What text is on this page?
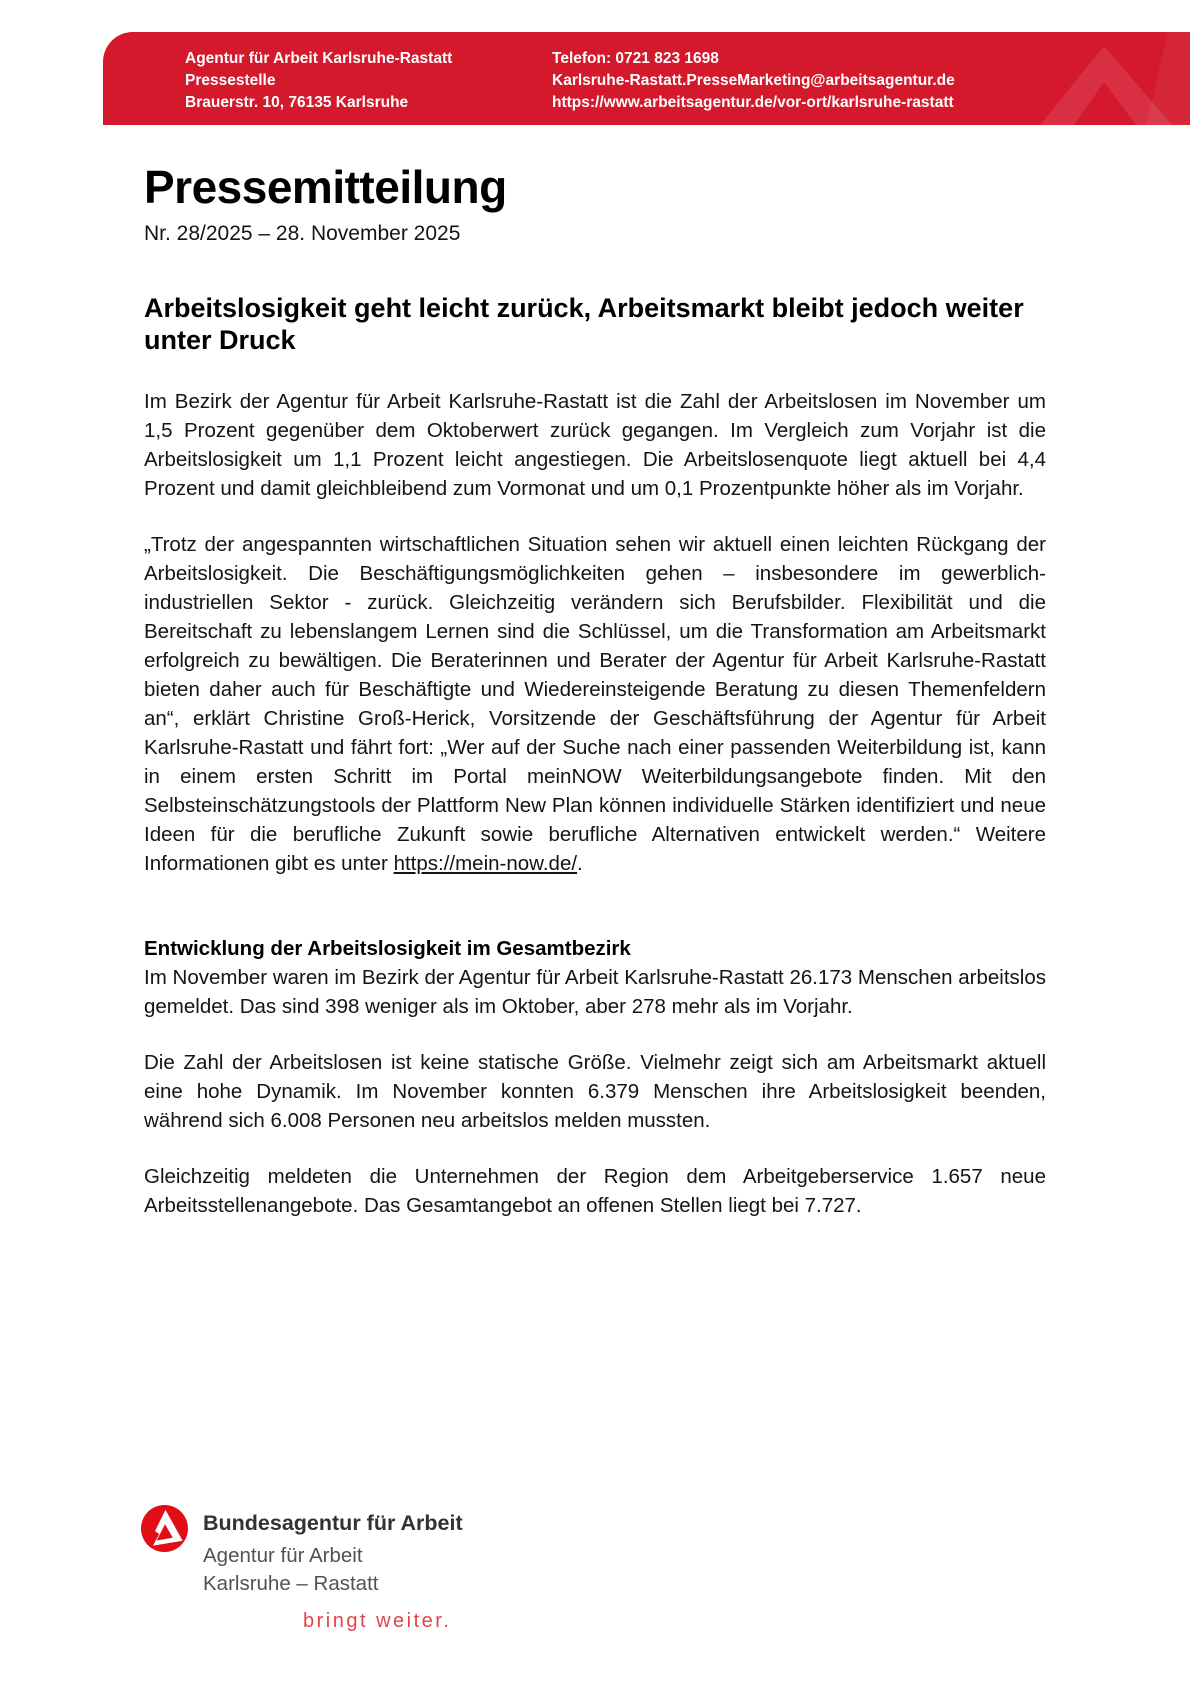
Agentur für Arbeit Karlsruhe-Rastatt
Pressestelle
Brauerstr. 10, 76135 Karlsruhe
Telefon: 0721 823 1698
Karlsruhe-Rastatt.PresseMarketing@arbeitsagentur.de
https://www.arbeitsagentur.de/vor-ort/karlsruhe-rastatt
Pressemitteilung
Nr. 28/2025 – 28. November 2025
Arbeitslosigkeit geht leicht zurück, Arbeitsmarkt bleibt jedoch weiter unter Druck

Im Bezirk der Agentur für Arbeit Karlsruhe-Rastatt ist die Zahl der Arbeitslosen im November um 1,5 Prozent gegenüber dem Oktoberwert zurück gegangen. Im Vergleich zum Vorjahr ist die Arbeitslosigkeit um 1,1 Prozent leicht angestiegen. Die Arbeitslosenquote liegt aktuell bei 4,4 Prozent und damit gleichbleibend zum Vormonat und um 0,1 Prozentpunkte höher als im Vorjahr.

„Trotz der angespannten wirtschaftlichen Situation sehen wir aktuell einen leichten Rückgang der Arbeitslosigkeit. Die Beschäftigungsmöglichkeiten gehen – insbesondere im gewerblich-industriellen Sektor - zurück. Gleichzeitig verändern sich Berufsbilder. Flexibilität und die Bereitschaft zu lebenslangem Lernen sind die Schlüssel, um die Transformation am Arbeitsmarkt erfolgreich zu bewältigen. Die Beraterinnen und Berater der Agentur für Arbeit Karlsruhe-Rastatt bieten daher auch für Beschäftigte und Wiedereinsteigende Beratung zu diesen Themenfeldern an“, erklärt Christine Groß-Herick, Vorsitzende der Geschäftsführung der Agentur für Arbeit Karlsruhe-Rastatt und fährt fort: „Wer auf der Suche nach einer passenden Weiterbildung ist, kann in einem ersten Schritt im Portal meinNOW Weiterbildungsangebote finden. Mit den Selbsteinschätzungstools der Plattform New Plan können individuelle Stärken identifiziert und neue Ideen für die berufliche Zukunft sowie berufliche Alternativen entwickelt werden.“ Weitere Informationen gibt es unter https://mein-now.de/.

Entwicklung der Arbeitslosigkeit im Gesamtbezirk

Im November waren im Bezirk der Agentur für Arbeit Karlsruhe-Rastatt 26.173 Menschen arbeitslos gemeldet. Das sind 398 weniger als im Oktober, aber 278 mehr als im Vorjahr.

Die Zahl der Arbeitslosen ist keine statische Größe. Vielmehr zeigt sich am Arbeitsmarkt aktuell eine hohe Dynamik. Im November konnten 6.379 Menschen ihre Arbeitslosigkeit beenden, während sich 6.008 Personen neu arbeitslos melden mussten.

Gleichzeitig meldeten die Unternehmen der Region dem Arbeitgeberservice 1.657 neue Arbeitsstellenangebote. Das Gesamtangebot an offenen Stellen liegt bei 7.727.

Bundesagentur für Arbeit
Agentur für Arbeit
Karlsruhe – Rastatt
bringt weiter.
